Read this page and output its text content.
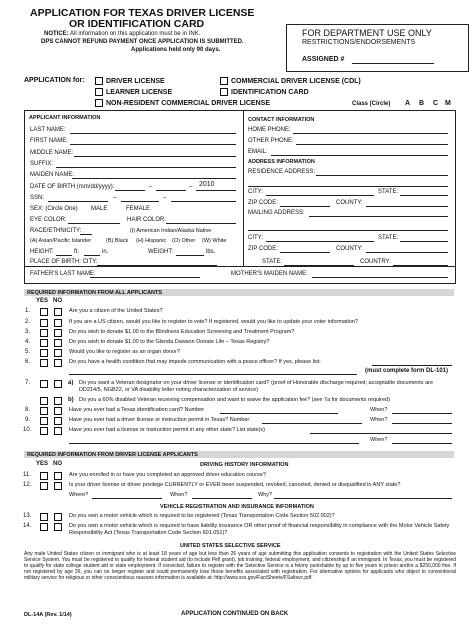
APPLICATION FOR TEXAS DRIVER LICENSE
OR IDENTIFICATION CARD
NOTICE: All information on this application must be in INK.
DPS CANNOT REFUND PAYMENT ONCE APPLICATION IS SUBMITTED.
Applications held only 90 days.
FOR DEPARTMENT USE ONLY
RESTRICTIONS/ENDORSEMENTS
ASSIGNED #
APPLICATION for:	DRIVER LICENSE	COMMERCIAL DRIVER LICENSE (CDL)
LEARNER LICENSE	IDENTIFICATION CARD
NON-RESIDENT COMMERCIAL DRIVER LICENSE	Class (Circle) A B C M
APPLICANT INFORMATION
LAST NAME:
FIRST NAME:
MIDDLE NAME:
SUFFIX:
MAIDEN NAME:
DATE OF BIRTH (mm/dd/yyyy):	–	– 2010
SSN:	–	–
SEX: (Circle One) MALE	FEMALE
EYE COLOR:	HAIR COLOR:
RACE/ETHNICITY:	(I) American Indian/Alaska Native
(A) Asian/Pacific Islander	(B) Black (H) Hispanic (O) Other (W) White
HEIGHT:	ft.	in.	WEIGHT:	lbs.
CONTACT INFORMATION
HOME PHONE:
OTHER PHONE:
EMAIL:
ADDRESS INFORMATION
RESIDENCE ADDRESS:
CITY:	STATE:
ZIP CODE:	COUNTY:
MAILING ADDRESS:
CITY:	STATE:
ZIP CODE:	COUNTY:
PLACE OF BIRTH: CITY:	STATE:	COUNTRY:
FATHER'S LAST NAME:	MOTHER'S MAIDEN NAME:
REQUIRED INFORMATION FROM ALL APPLICANTS
YES NO
1.	Are you a citizen of the United States?
2.	If you are a US citizen, would you like to register to vote? If registered, would you like to update your voter information?
3.	Do you wish to donate $1.00 to the Blindness Education Screening and Treatment Program?
4.	Do you wish to donate $1.00 to the Glenda Dawson Donate Life – Texas Registry?
5.	Would you like to register as an organ donor?
6.	Do you have a health condition that may impede communication with a peace officer? If yes, please list:
(must complete form DL-101)
7.	a) Do you want a Veteran designator on your driver license or identification card? (proof of Honorable discharge required; acceptable documents are DD214/5, NGB22, or VA disability letter noting characterization of service)
b) Do you a 60% disabled Veteran receiving compensation and want to waive the application fee? (see 7a for documents required)
8.	Have you ever had a Texas identification card? Number	When?
9.	Have you ever had a driver license or instruction permit in Texas? Number	When?
10.	Have you ever had a license or instruction permit in any other state? List state(s)
When?
REQUIRED INFORMATION FROM DRIVER LICENSE APPLICANTS
YES NO	DRIVING HISTORY INFORMATION
11.	Are you enrolled in or have you completed an approved driver education course?
12.	Is your driver license or driver privilege CURRENTLY or EVER been suspended, revoked, canceled, denied or disqualified in ANY state?
Where?	When?	Why?
VEHICLE REGISTRATION AND INSURANCE INFORMATION
13.	Do you own a motor vehicle which is required to be registered (Texas Transportation Code Section 502.002)?
14.	Do you own a motor vehicle which is required to have liability insurance OR other proof of financial responsibility in compliance with the Motor Vehicle Safety Responsibility Act (Texas Transportation Code Section 601.051)?
UNITED STATES SELECTIVE SERVICE
Any male United States citizen or immigrant who is at least 18 years of age but less than 26 years of age submitting this application consents to registration with the United States Selective Service System. You must be registered to qualify for federal student aid (to include Pell grant), job training, federal employment, and citizenship if an immigrant. In Texas, you must be registered to qualify for state college student aid or state employment. If convicted, failure to register with the Selective Service is a felony punishable by up to five years in prison and/or a $250,000 fine. If not registered by age 26, you can no longer register and could permanently lose those benefits associated with registration. For alternative options for applicants who object to conventional military service for religious or other conscientious reasons information is available at: http://www.sss.gov/FactSheets/FSaltsvc.pdf.
DL-14A (Rev. 1/14)	APPLICATION CONTINUED ON BACK
